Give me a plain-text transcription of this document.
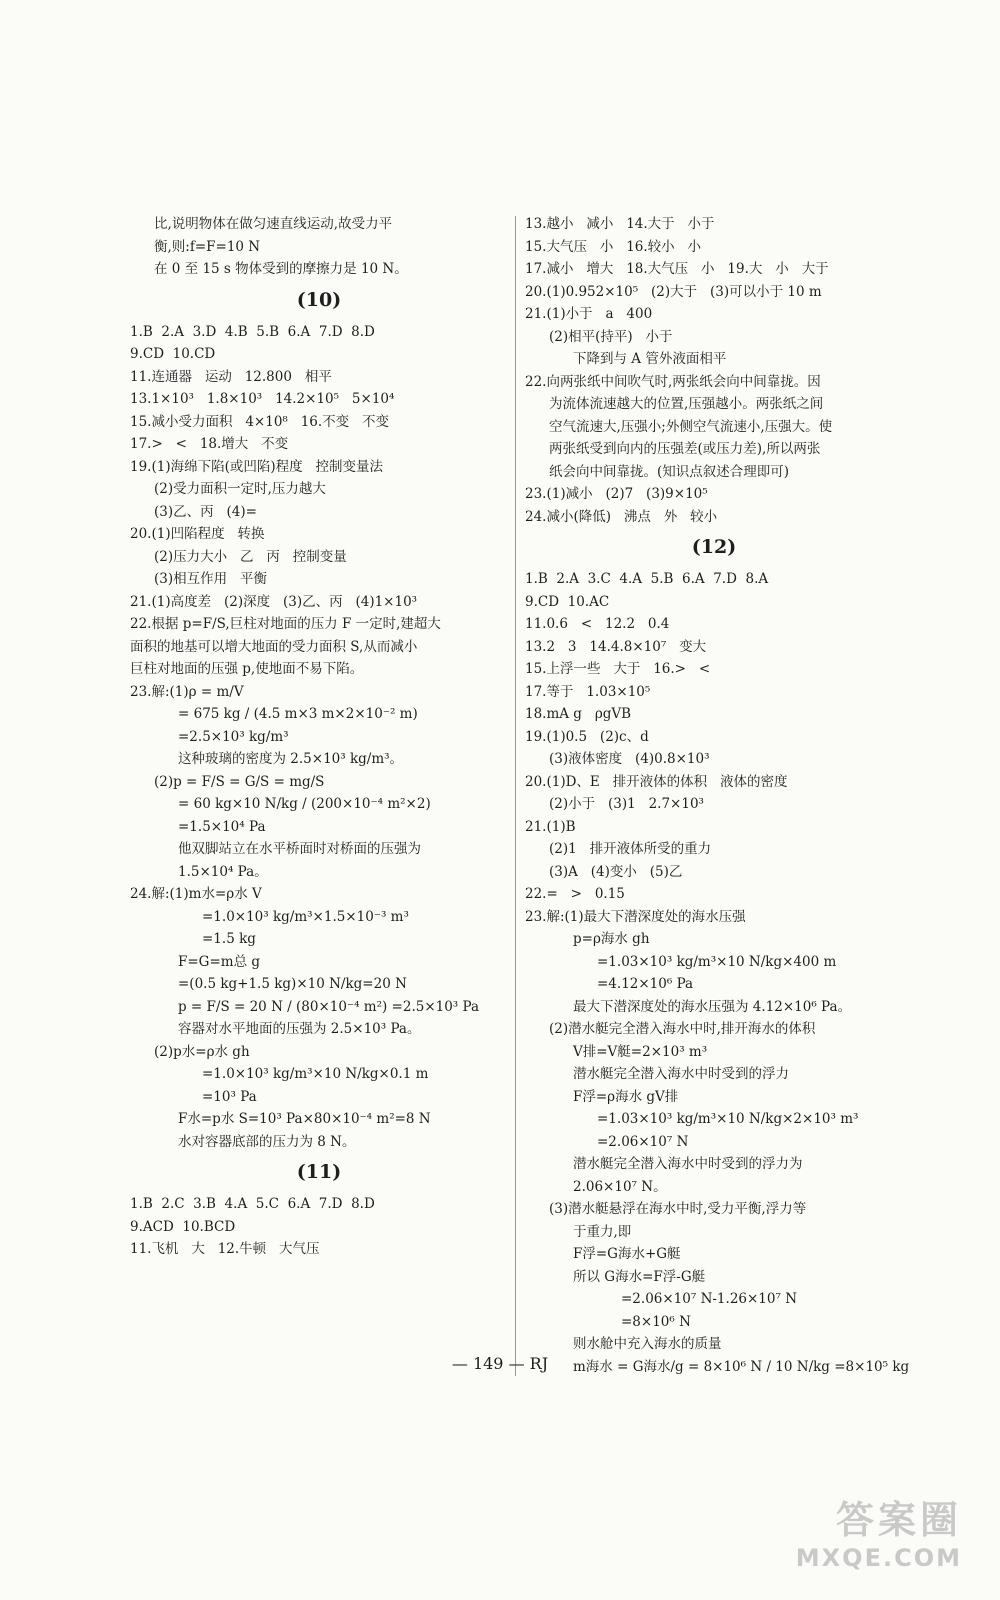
比,说明物体在做匀速直线运动,故受力平
衡,则:f=F=10 N
在 0 至 15 s 物体受到的摩擦力是 10 N。
(10)
1.B  2.A  3.D  4.B  5.B  6.A  7.D  8.D
9.CD  10.CD
11.连通器   运动   12.800   相平
13.1×10³   1.8×10³   14.2×10⁵   5×10⁴
15.减小受力面积   4×10⁸   16.不变   不变
17.>   <   18.增大   不变
19.(1)海绵下陷(或凹陷)程度   控制变量法
(2)受力面积一定时,压力越大
(3)乙、丙   (4)=
20.(1)凹陷程度   转换
(2)压力大小   乙   丙   控制变量
(3)相互作用   平衡
21.(1)高度差   (2)深度   (3)乙、丙   (4)1×10³
22.根据 p=F/S,巨柱对地面的压力 F 一定时,建超大
面积的地基可以增大地面的受力面积 S,从而减小
巨柱对地面的压强 p,使地面不易下陷。
23.解:(1)ρ = m/V
= 675 kg / (4.5 m×3 m×2×10⁻² m)
=2.5×10³ kg/m³
这种玻璃的密度为 2.5×10³ kg/m³。
(2)p = F/S = G/S = mg/S
= 60 kg×10 N/kg / (200×10⁻⁴ m²×2)
=1.5×10⁴ Pa
他双脚站立在水平桥面时对桥面的压强为
1.5×10⁴ Pa。
24.解:(1)m水=ρ水 V
=1.0×10³ kg/m³×1.5×10⁻³ m³
=1.5 kg
F=G=m总 g
=(0.5 kg+1.5 kg)×10 N/kg=20 N
p = F/S = 20 N / (80×10⁻⁴ m²) =2.5×10³ Pa
容器对水平地面的压强为 2.5×10³ Pa。
(2)p水=ρ水 gh
=1.0×10³ kg/m³×10 N/kg×0.1 m
=10³ Pa
F水=p水 S=10³ Pa×80×10⁻⁴ m²=8 N
水对容器底部的压力为 8 N。
(11)
1.B  2.C  3.B  4.A  5.C  6.A  7.D  8.D
9.ACD  10.BCD
11.飞机   大   12.牛顿   大气压
13.越小   减小   14.大于   小于
15.大气压   小   16.较小   小
17.减小   增大   18.大气压   小   19.大   小   大于
20.(1)0.952×10⁵   (2)大于   (3)可以小于 10 m
21.(1)小于   a   400
(2)相平(持平)   小于
下降到与 A 管外液面相平
22.向两张纸中间吹气时,两张纸会向中间靠拢。因
为流体流速越大的位置,压强越小。两张纸之间
空气流速大,压强小;外侧空气流速小,压强大。使
两张纸受到向内的压强差(或压力差),所以两张
纸会向中间靠拢。(知识点叙述合理即可)
23.(1)减小   (2)7   (3)9×10⁵
24.减小(降低)   沸点   外   较小
(12)
1.B  2.A  3.C  4.A  5.B  6.A  7.D  8.A
9.CD  10.AC
11.0.6   <   12.2   0.4
13.2   3   14.4.8×10⁷   变大
15.上浮一些   大于   16.>   <
17.等于   1.03×10⁵
18.mA g   ρgVB
19.(1)0.5   (2)c、d
(3)液体密度   (4)0.8×10³
20.(1)D、E   排开液体的体积   液体的密度
(2)小于   (3)1   2.7×10³
21.(1)B
(2)1   排开液体所受的重力
(3)A   (4)变小   (5)乙
22.=   >   0.15
23.解:(1)最大下潜深度处的海水压强
p=ρ海水 gh
=1.03×10³ kg/m³×10 N/kg×400 m
=4.12×10⁶ Pa
最大下潜深度处的海水压强为 4.12×10⁶ Pa。
(2)潜水艇完全潜入海水中时,排开海水的体积
V排=V艇=2×10³ m³
潜水艇完全潜入海水中时受到的浮力
F浮=ρ海水 gV排
=1.03×10³ kg/m³×10 N/kg×2×10³ m³
=2.06×10⁷ N
潜水艇完全潜入海水中时受到的浮力为
2.06×10⁷ N。
(3)潜水艇悬浮在海水中时,受力平衡,浮力等
于重力,即
F浮=G海水+G艇
所以 G海水=F浮-G艇
=2.06×10⁷ N-1.26×10⁷ N
=8×10⁶ N
则水舱中充入海水的质量
m海水 = G海水/g = 8×10⁶ N / 10 N/kg =8×10⁵ kg
— 149 — RJ
答案圈
MXQE.COM
